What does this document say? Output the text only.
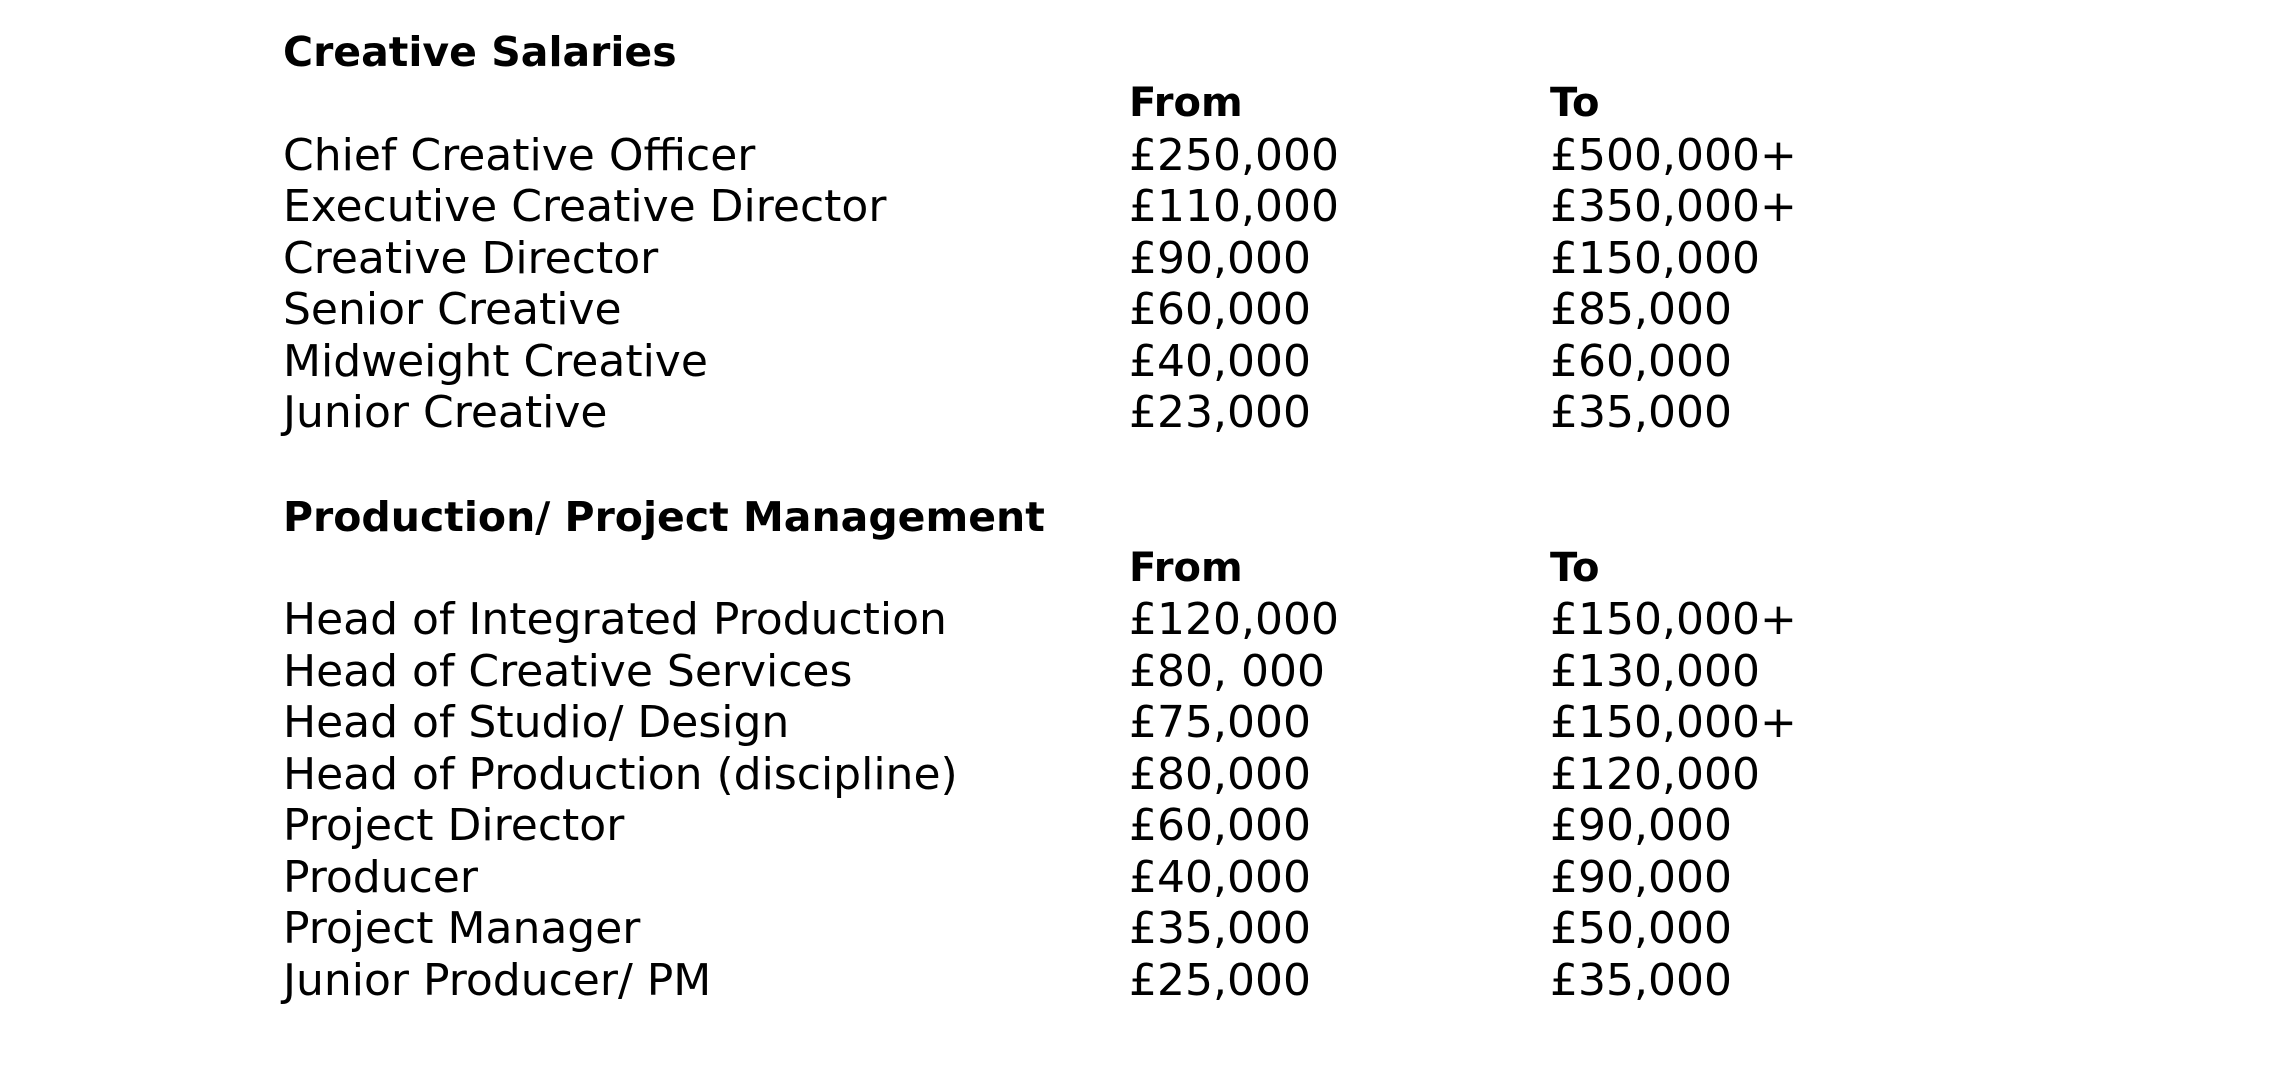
Creative Salaries
From	To
Chief Creative Officer	£250,000	£500,000+
Executive Creative Director	£110,000	£350,000+
Creative Director	£90,000	£150,000
Senior Creative	£60,000	£85,000
Midweight Creative	£40,000	£60,000
Junior Creative	£23,000	£35,000
Production/ Project Management
From	To
Head of Integrated Production	£120,000	£150,000+
Head of Creative Services	£80, 000	£130,000
Head of Studio/ Design	£75,000	£150,000+
Head of Production (discipline)	£80,000	£120,000
Project Director	£60,000	£90,000
Producer	£40,000	£90,000
Project Manager	£35,000	£50,000
Junior Producer/ PM	£25,000	£35,000
